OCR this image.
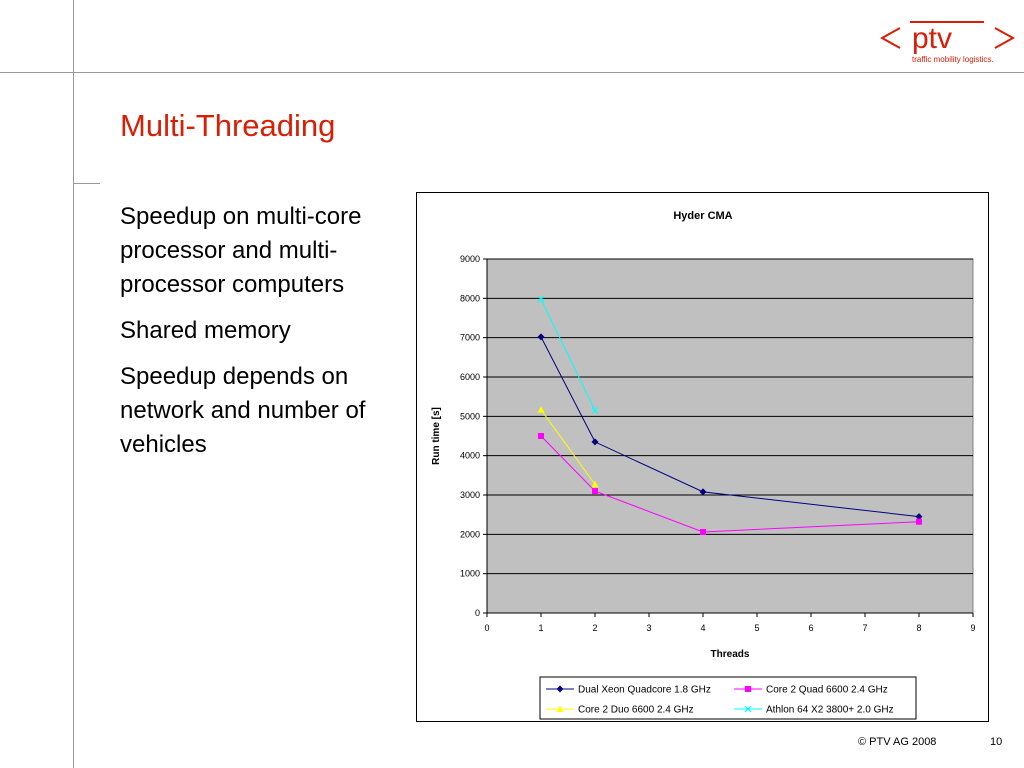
ptv
traffic mobility logistics.
Multi-Threading
Speedup on multi-core processor and multi-processor computers
Shared memory
Speedup depends on network and number of vehicles
Hyder CMA
0
1000
2000
3000
4000
5000
6000
7000
8000
9000
0	1	2	3	4	5	6	7	8	9
Run time [s]
Threads
Dual Xeon Quadcore 1.8 GHz	Core 2 Quad 6600 2.4 GHz
Core 2 Duo 6600 2.4 GHz	Athlon 64 X2 3800+ 2.0 GHz
© PTV AG 2008	10
